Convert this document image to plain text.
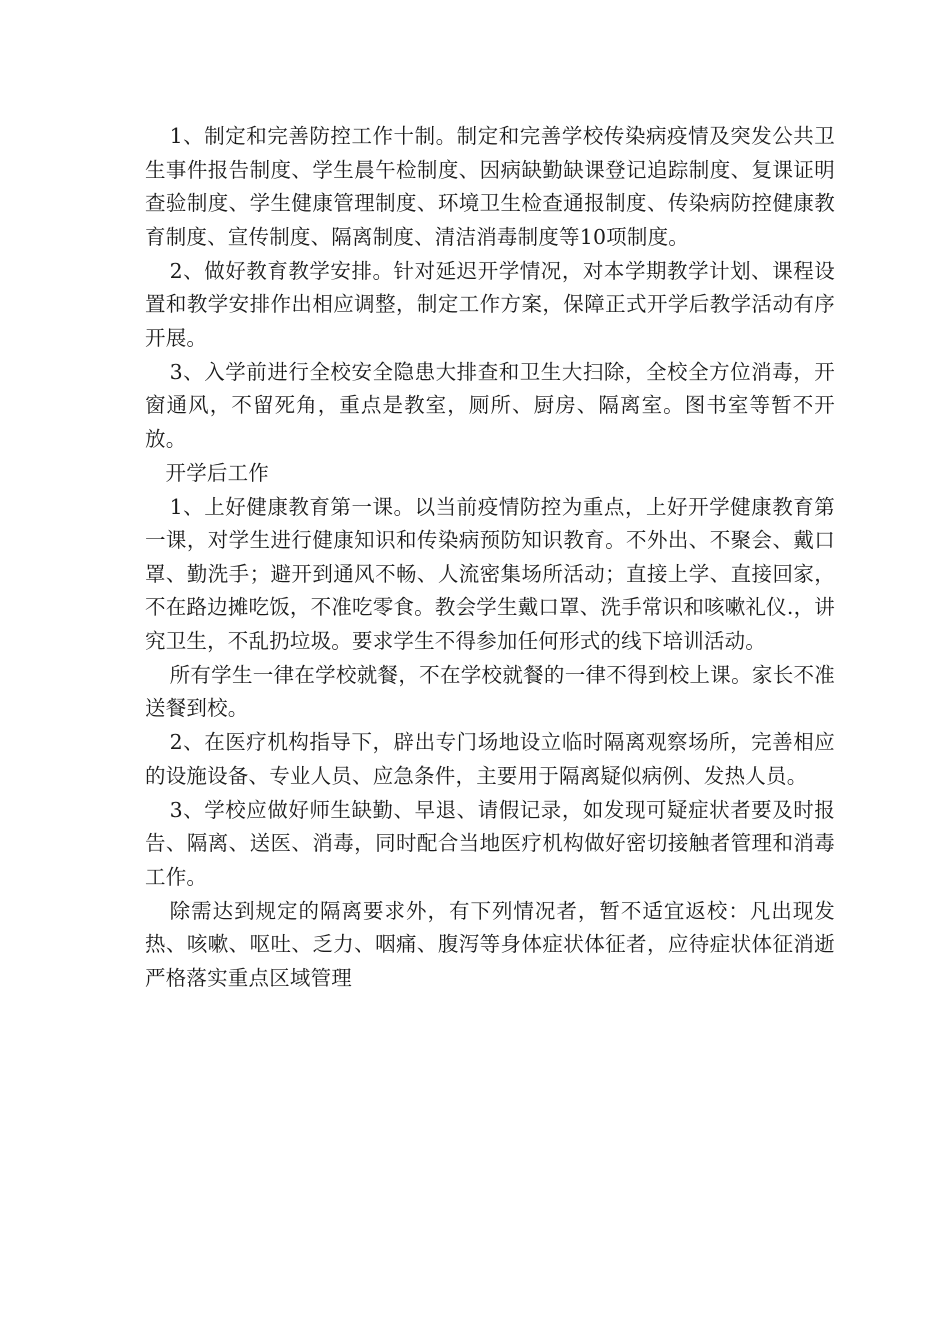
1、制定和完善防控工作十制。制定和完善学校传染病疫情及突发公共卫生事件报告制度、学生晨午检制度、因病缺勤缺课登记追踪制度、复课证明查验制度、学生健康管理制度、环境卫生检查通报制度、传染病防控健康教育制度、宣传制度、隔离制度、清洁消毒制度等10项制度。

2、做好教育教学安排。针对延迟开学情况，对本学期教学计划、课程设置和教学安排作出相应调整，制定工作方案，保障正式开学后教学活动有序开展。

3、入学前进行全校安全隐患大排查和卫生大扫除，全校全方位消毒，开窗通风，不留死角，重点是教室，厕所、厨房、隔离室。图书室等暂不开放。

开学后工作

1、上好健康教育第一课。以当前疫情防控为重点，上好开学健康教育第一课，对学生进行健康知识和传染病预防知识教育。不外出、不聚会、戴口罩、勤洗手；避开到通风不畅、人流密集场所活动；直接上学、直接回家，不在路边摊吃饭，不准吃零食。教会学生戴口罩、洗手常识和咳嗽礼仪.，讲究卫生，不乱扔垃圾。要求学生不得参加任何形式的线下培训活动。

所有学生一律在学校就餐，不在学校就餐的一律不得到校上课。家长不准送餐到校。

2、在医疗机构指导下，辟出专门场地设立临时隔离观察场所，完善相应的设施设备、专业人员、应急条件，主要用于隔离疑似病例、发热人员。

3、学校应做好师生缺勤、早退、请假记录，如发现可疑症状者要及时报告、隔离、送医、消毒，同时配合当地医疗机构做好密切接触者管理和消毒工作。

除需达到规定的隔离要求外，有下列情况者，暂不适宜返校：凡出现发热、咳嗽、呕吐、乏力、咽痛、腹泻等身体症状体征者，应待症状体征消逝严格落实重点区域管理
